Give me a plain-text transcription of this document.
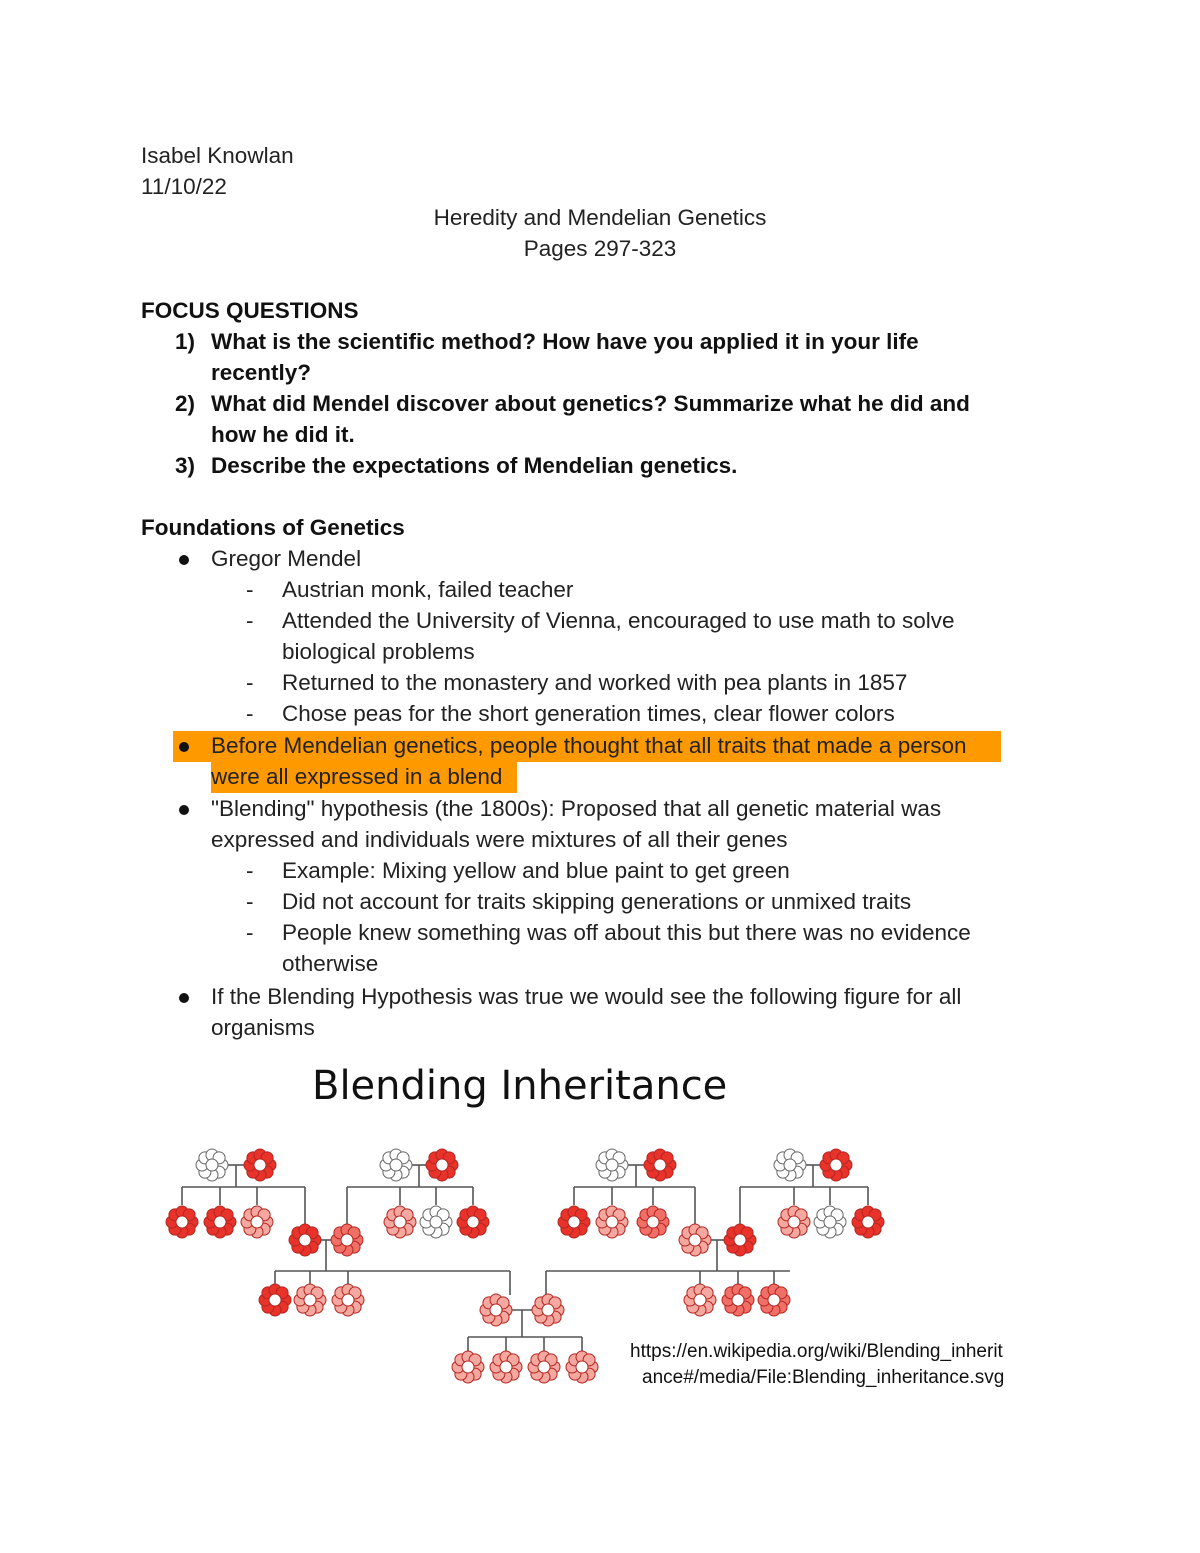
Isabel Knowlan
11/10/22
Heredity and Mendelian Genetics
Pages 297-323
FOCUS QUESTIONS
1) What is the scientific method? How have you applied it in your life
recently?
2) What did Mendel discover about genetics? Summarize what he did and
how he did it.
3) Describe the expectations of Mendelian genetics.
Foundations of Genetics
Gregor Mendel
- Austrian monk, failed teacher
- Attended the University of Vienna, encouraged to use math to solve
biological problems
- Returned to the monastery and worked with pea plants in 1857
- Chose peas for the short generation times, clear flower colors
Before Mendelian genetics, people thought that all traits that made a person
were all expressed in a blend
"Blending" hypothesis (the 1800s): Proposed that all genetic material was
expressed and individuals were mixtures of all their genes
- Example: Mixing yellow and blue paint to get green
- Did not account for traits skipping generations or unmixed traits
- People knew something was off about this but there was no evidence
otherwise
If the Blending Hypothesis was true we would see the following figure for all
organisms
Blending Inheritance
https://en.wikipedia.org/wiki/Blending_inherit
ance#/media/File:Blending_inheritance.svg
